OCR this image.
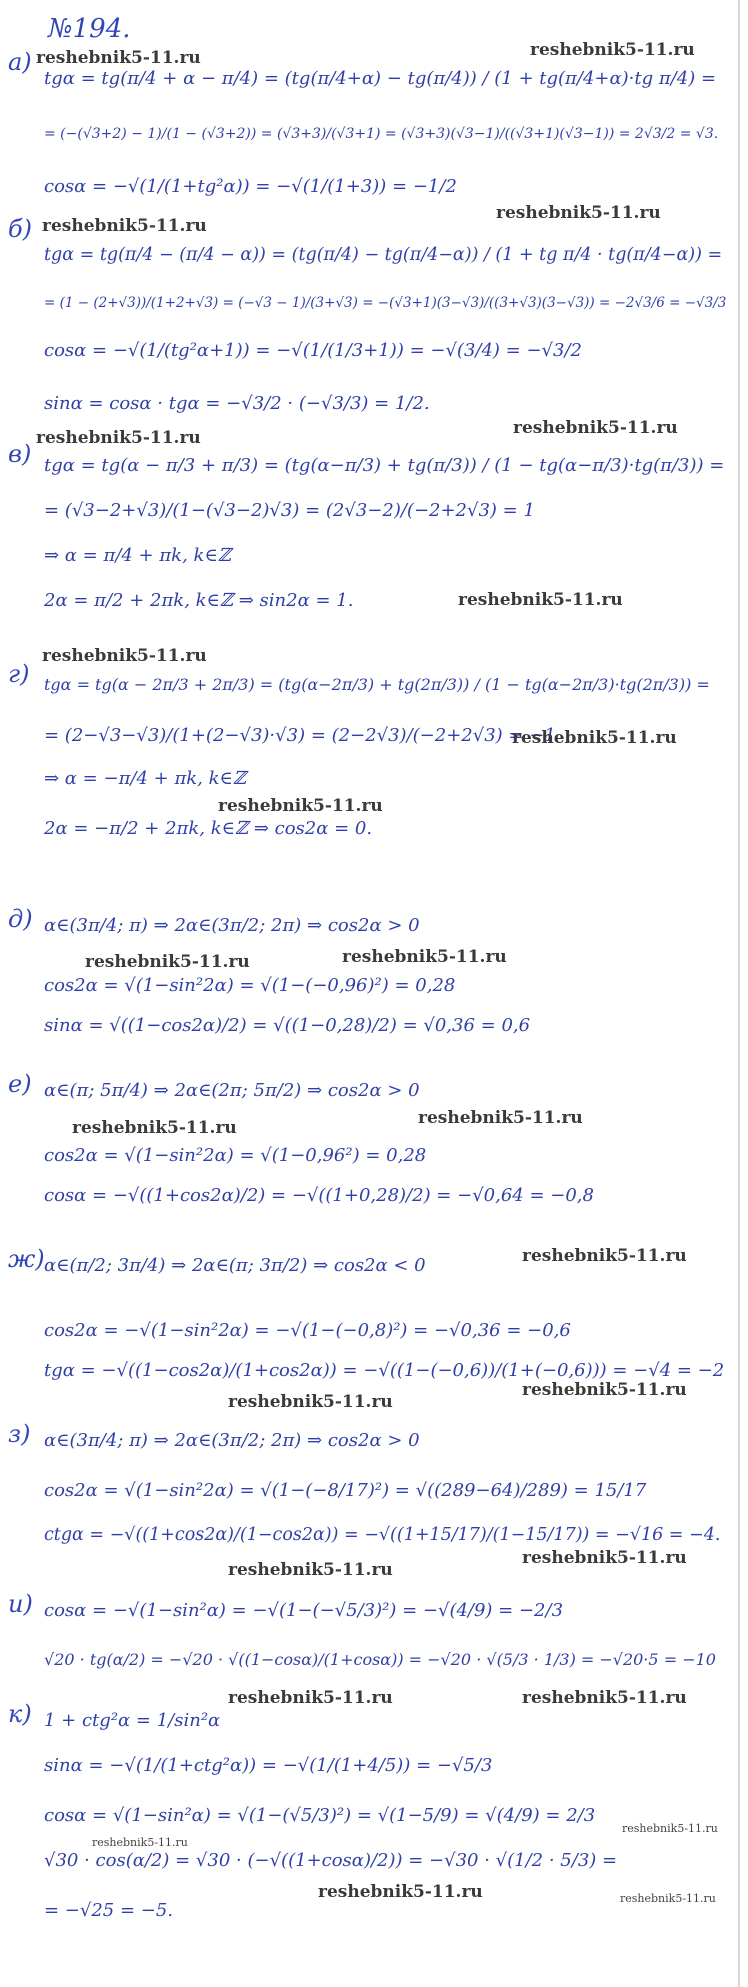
№194.
а)
tgα = tg(π/4 + α − π/4) = (tg(π/4+α) − tg(π/4)) / (1 + tg(π/4+α)·tg π/4) =
= (−(√3+2) − 1)/(1 − (√3+2)) = (√3+3)/(√3+1) = (√3+3)(√3−1)/((√3+1)(√3−1)) = 2√3/2 = √3.
cosα = −√(1/(1+tg²α)) = −√(1/(1+3)) = −1/2
б)
tgα = tg(π/4 − (π/4 − α)) = (tg(π/4) − tg(π/4−α)) / (1 + tg π/4 · tg(π/4−α)) =
= (1 − (2+√3))/(1+2+√3) = (−√3 − 1)/(3+√3) = −(√3+1)(3−√3)/((3+√3)(3−√3)) = −2√3/6 = −√3/3
cosα = −√(1/(tg²α+1)) = −√(1/(1/3+1)) = −√(3/4) = −√3/2
sinα = cosα · tgα = −√3/2 · (−√3/3) = 1/2.
в) tgα = tg(α − π/3 + π/3) = (tg(α−π/3) + tg(π/3)) / (1 − tg(α−π/3)·tg(π/3)) =
= (√3−2+√3)/(1−(√3−2)√3) = (2√3−2)/(−2+2√3) = 1
⇒ α = π/4 + πk, k∈ℤ
2α = π/2 + 2πk, k∈ℤ ⇒ sin2α = 1.
г) tgα = tg(α − 2π/3 + 2π/3) = (tg(α−2π/3) + tg(2π/3)) / (1 − tg(α−2π/3)·tg(2π/3)) =
= (2−√3−√3)/(1+(2−√3)·√3) = (2−2√3)/(−2+2√3) = −1
⇒ α = −π/4 + πk, k∈ℤ
2α = −π/2 + 2πk, k∈ℤ ⇒ cos2α = 0.
д) α∈(3π/4; π) ⇒ 2α∈(3π/2; 2π) ⇒ cos2α > 0
cos2α = √(1−sin²2α) = √(1−(−0,96)²) = 0,28
sinα = √((1−cos2α)/2) = √((1−0,28)/2) = √0,36 = 0,6
е) α∈(π; 5π/4) ⇒ 2α∈(2π; 5π/2) ⇒ cos2α > 0
cos2α = √(1−sin²2α) = √(1−0,96²) = 0,28
cosα = −√((1+cos2α)/2) = −√((1+0,28)/2) = −√0,64 = −0,8
ж) α∈(π/2; 3π/4) ⇒ 2α∈(π; 3π/2) ⇒ cos2α < 0
cos2α = −√(1−sin²2α) = −√(1−(−0,8)²) = −√0,36 = −0,6
tgα = −√((1−cos2α)/(1+cos2α)) = −√((1−(−0,6))/(1+(−0,6))) = −√4 = −2
з) α∈(3π/4; π) ⇒ 2α∈(3π/2; 2π) ⇒ cos2α > 0
cos2α = √(1−sin²2α) = √(1−(−8/17)²) = √((289−64)/289) = 15/17
ctgα = −√((1+cos2α)/(1−cos2α)) = −√((1+15/17)/(1−15/17)) = −√16 = −4.
и) cosα = −√(1−sin²α) = −√(1−(−√5/3)²) = −√(4/9) = −2/3
√20 · tg(α/2) = −√20 · √((1−cosα)/(1+cosα)) = −√20 · √(5/3 · 1/3) = −√20·5 = −10
к) 1 + ctg²α = 1/sin²α
sinα = −√(1/(1+ctg²α)) = −√(1/(1+4/5)) = −√5/3
cosα = √(1−sin²α) = √(1−(√5/3)²) = √(1−5/9) = √(4/9) = 2/3
√30 · cos(α/2) = √30 · (−√((1+cosα)/2)) = −√30 · √(1/2 · 5/3) =
= −√25 = −5.
reshebnik5-11.ru	reshebnik5-11.ru
reshebnik5-11.ru
reshebnik5-11.ru
reshebnik5-11.ru
reshebnik5-11.ru
reshebnik5-11.ru
reshebnik5-11.ru
reshebnik5-11.ru
reshebnik5-11.ru
reshebnik5-11.ru	reshebnik5-11.ru
reshebnik5-11.ru	reshebnik5-11.ru
reshebnik5-11.ru
reshebnik5-11.ru
reshebnik5-11.ru
reshebnik5-11.ru
reshebnik5-11.ru
reshebnik5-11.ru	reshebnik5-11.ru
reshebnik5-11.ru
reshebnik5-11.ru
reshebnik5-11.ru	reshebnik5-11.ru
